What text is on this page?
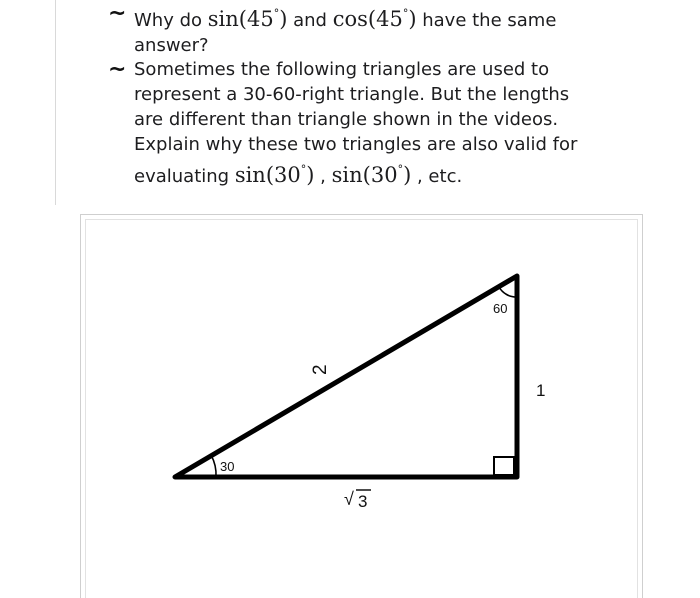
~ Why do sin(45°) and cos(45°) have the same
answer?
~ Sometimes the following triangles are used to
represent a 30-60-right triangle. But the lengths
are different than triangle shown in the videos.
Explain why these two triangles are also valid for
evaluating sin(30°) , sin(30°) , etc.
30
60
2
1
√ 3
